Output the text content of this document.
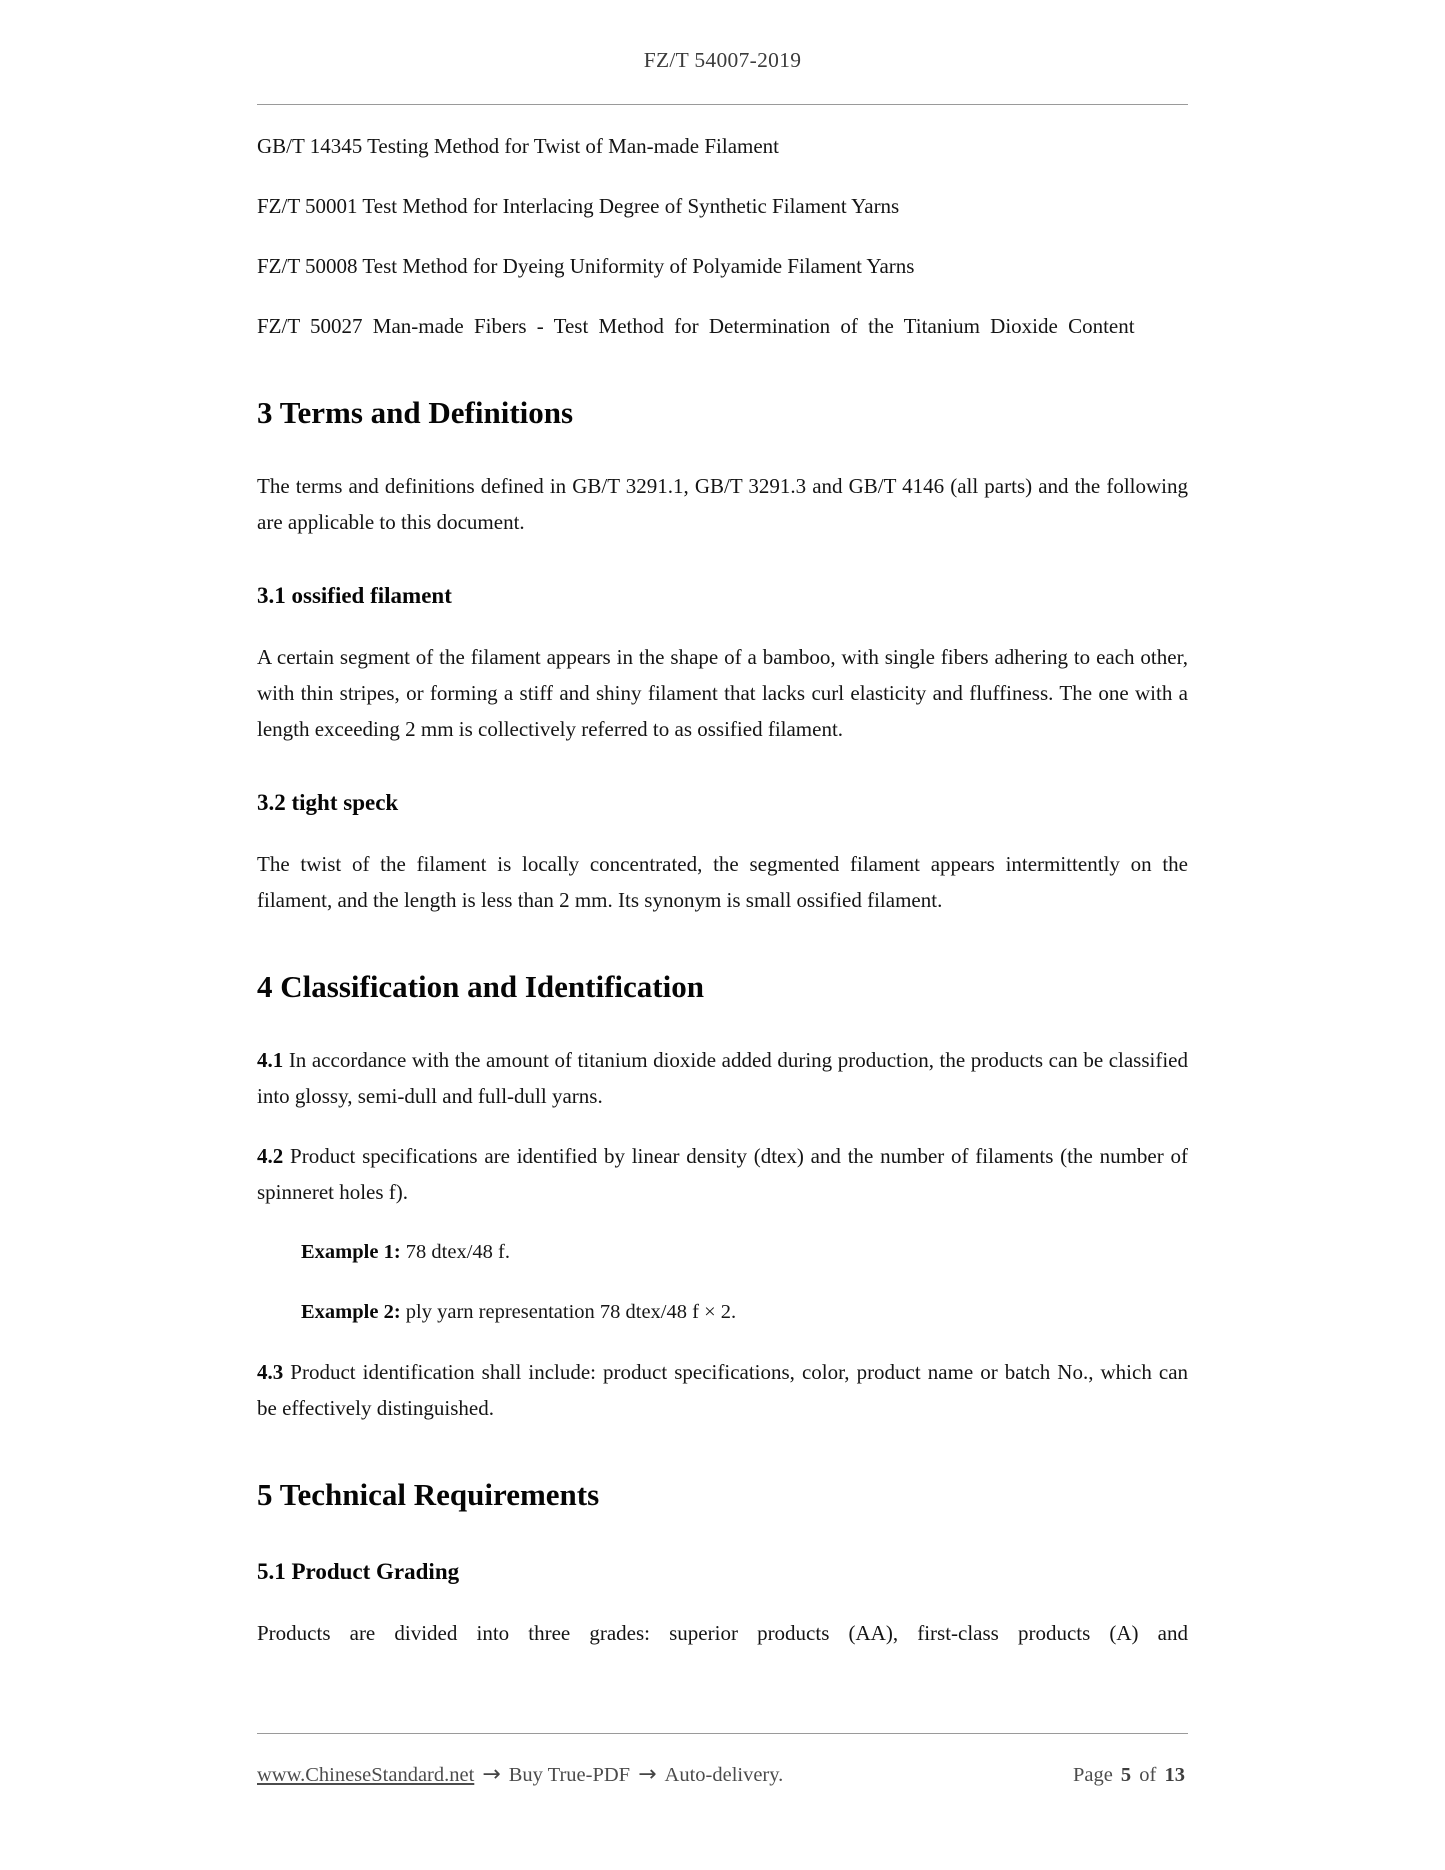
FZ/T 54007-2019

GB/T 14345 Testing Method for Twist of Man-made Filament

FZ/T 50001 Test Method for Interlacing Degree of Synthetic Filament Yarns

FZ/T 50008 Test Method for Dyeing Uniformity of Polyamide Filament Yarns

FZ/T 50027 Man-made Fibers - Test Method for Determination of the Titanium Dioxide Content

3 Terms and Definitions

The terms and definitions defined in GB/T 3291.1, GB/T 3291.3 and GB/T 4146 (all parts) and the following are applicable to this document.

3.1 ossified filament

A certain segment of the filament appears in the shape of a bamboo, with single fibers adhering to each other, with thin stripes, or forming a stiff and shiny filament that lacks curl elasticity and fluffiness. The one with a length exceeding 2 mm is collectively referred to as ossified filament.

3.2 tight speck

The twist of the filament is locally concentrated, the segmented filament appears intermittently on the filament, and the length is less than 2 mm. Its synonym is small ossified filament.

4 Classification and Identification

4.1 In accordance with the amount of titanium dioxide added during production, the products can be classified into glossy, semi-dull and full-dull yarns.

4.2 Product specifications are identified by linear density (dtex) and the number of filaments (the number of spinneret holes f).

Example 1: 78 dtex/48 f.

Example 2: ply yarn representation 78 dtex/48 f × 2.

4.3 Product identification shall include: product specifications, color, product name or batch No., which can be effectively distinguished.

5 Technical Requirements
5.1 Product Grading

Products are divided into three grades: superior products (AA), first-class products (A) and

www.ChineseStandard.net → Buy True-PDF → Auto-delivery.	Page 5 of 13
